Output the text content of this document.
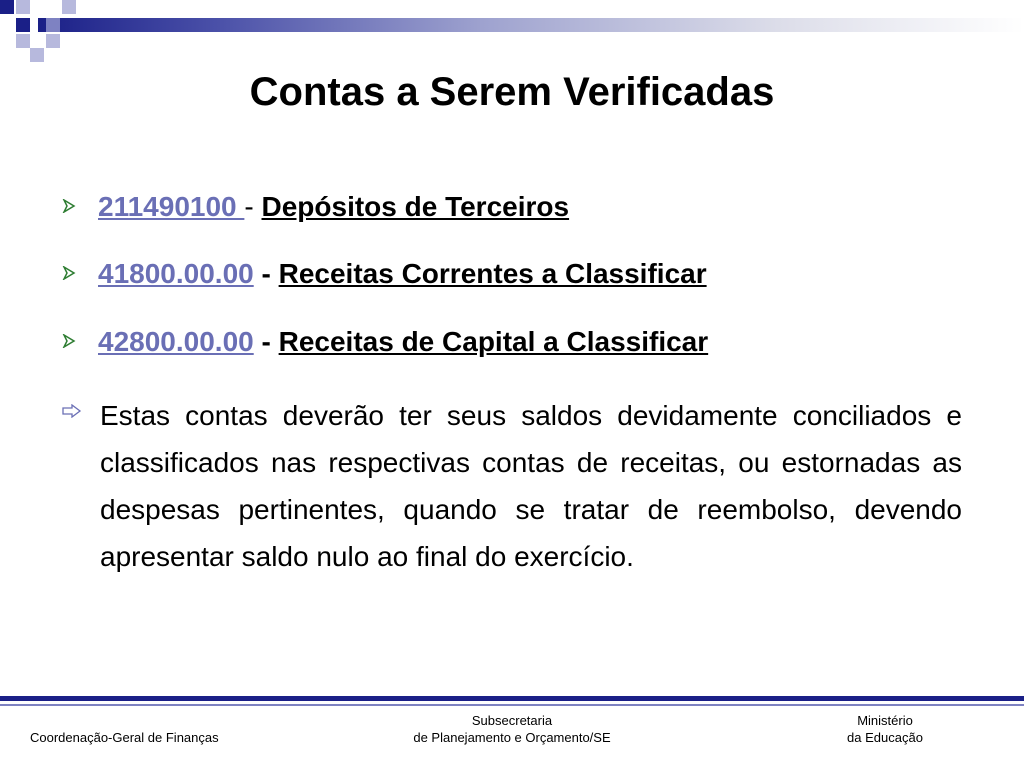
Contas a Serem Verificadas
211490100 - Depósitos de Terceiros
41800.00.00 - Receitas Correntes a Classificar
42800.00.00 - Receitas de Capital a Classificar

Estas contas deverão ter seus saldos devidamente conciliados e classificados nas respectivas contas de receitas, ou estornadas as despesas pertinentes, quando se tratar de reembolso, devendo apresentar saldo nulo ao final do exercício.

Coordenação-Geral de Finanças
Subsecretaria
de Planejamento e Orçamento/SE
Ministério
da Educação
